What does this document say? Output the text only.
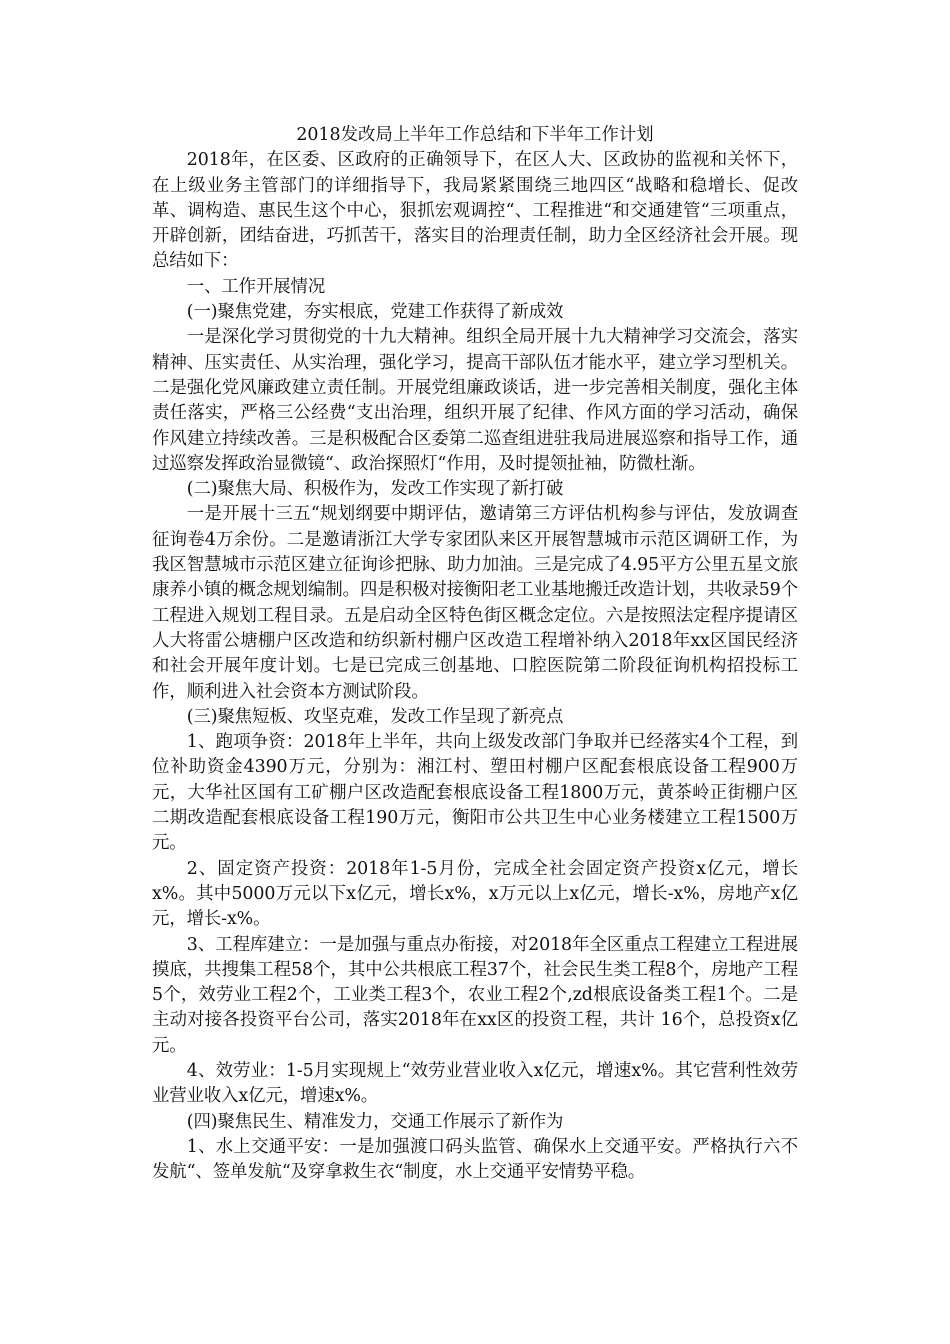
2018发改局上半年工作总结和下半年工作计划

2018年，在区委、区政府的正确领导下，在区人大、区政协的监视和关怀下，在上级业务主管部门的详细指导下，我局紧紧围绕三地四区“战略和稳增长、促改革、调构造、惠民生这个中心，狠抓宏观调控“、工程推进“和交通建管“三项重点，开辟创新，团结奋进，巧抓苦干，落实目的治理责任制，助力全区经济社会开展。现总结如下：

一、工作开展情况

(一)聚焦党建，夯实根底，党建工作获得了新成效

一是深化学习贯彻党的十九大精神。组织全局开展十九大精神学习交流会，落实精神、压实责任、从实治理，强化学习，提高干部队伍才能水平，建立学习型机关。二是强化党风廉政建立责任制。开展党组廉政谈话，进一步完善相关制度，强化主体责任落实，严格三公经费“支出治理，组织开展了纪律、作风方面的学习活动，确保作风建立持续改善。三是积极配合区委第二巡查组进驻我局进展巡察和指导工作，通过巡察发挥政治显微镜“、政治探照灯“作用，及时提领扯袖，防微杜渐。

(二)聚焦大局、积极作为，发改工作实现了新打破

一是开展十三五“规划纲要中期评估，邀请第三方评估机构参与评估，发放调查征询卷4万余份。二是邀请浙江大学专家团队来区开展智慧城市示范区调研工作，为我区智慧城市示范区建立征询诊把脉、助力加油。三是完成了4.95平方公里五星文旅康养小镇的概念规划编制。四是积极对接衡阳老工业基地搬迁改造计划，共收录59个工程进入规划工程目录。五是启动全区特色街区概念定位。六是按照法定程序提请区人大将雷公塘棚户区改造和纺织新村棚户区改造工程增补纳入2018年xx区国民经济和社会开展年度计划。七是已完成三创基地、口腔医院第二阶段征询机构招投标工作，顺利进入社会资本方测试阶段。

(三)聚焦短板、攻坚克难，发改工作呈现了新亮点

1、跑项争资：2018年上半年，共向上级发改部门争取并已经落实4个工程，到位补助资金4390万元，分别为：湘江村、塑田村棚户区配套根底设备工程900万元，大华社区国有工矿棚户区改造配套根底设备工程1800万元，黄茶岭正街棚户区二期改造配套根底设备工程190万元，衡阳市公共卫生中心业务楼建立工程1500万元。

2、固定资产投资：2018年1-5月份，完成全社会固定资产投资x亿元，增长x%。其中5000万元以下x亿元，增长x%，x万元以上x亿元，增长-x%，房地产x亿元，增长-x%。

3、工程库建立：一是加强与重点办衔接，对2018年全区重点工程建立工程进展摸底，共搜集工程58个，其中公共根底工程37个，社会民生类工程8个，房地产工程5个，效劳业工程2个，工业类工程3个，农业工程2个,zd根底设备类工程1个。二是主动对接各投资平台公司，落实2018年在xx区的投资工程，共计 16个，总投资x亿元。

4、效劳业：1-5月实现规上“效劳业营业收入x亿元，增速x%。其它营利性效劳业营业收入x亿元，增速x%。

(四)聚焦民生、精准发力，交通工作展示了新作为

1、水上交通平安：一是加强渡口码头监管、确保水上交通平安。严格执行六不发航“、签单发航“及穿拿救生衣“制度，水上交通平安情势平稳。
